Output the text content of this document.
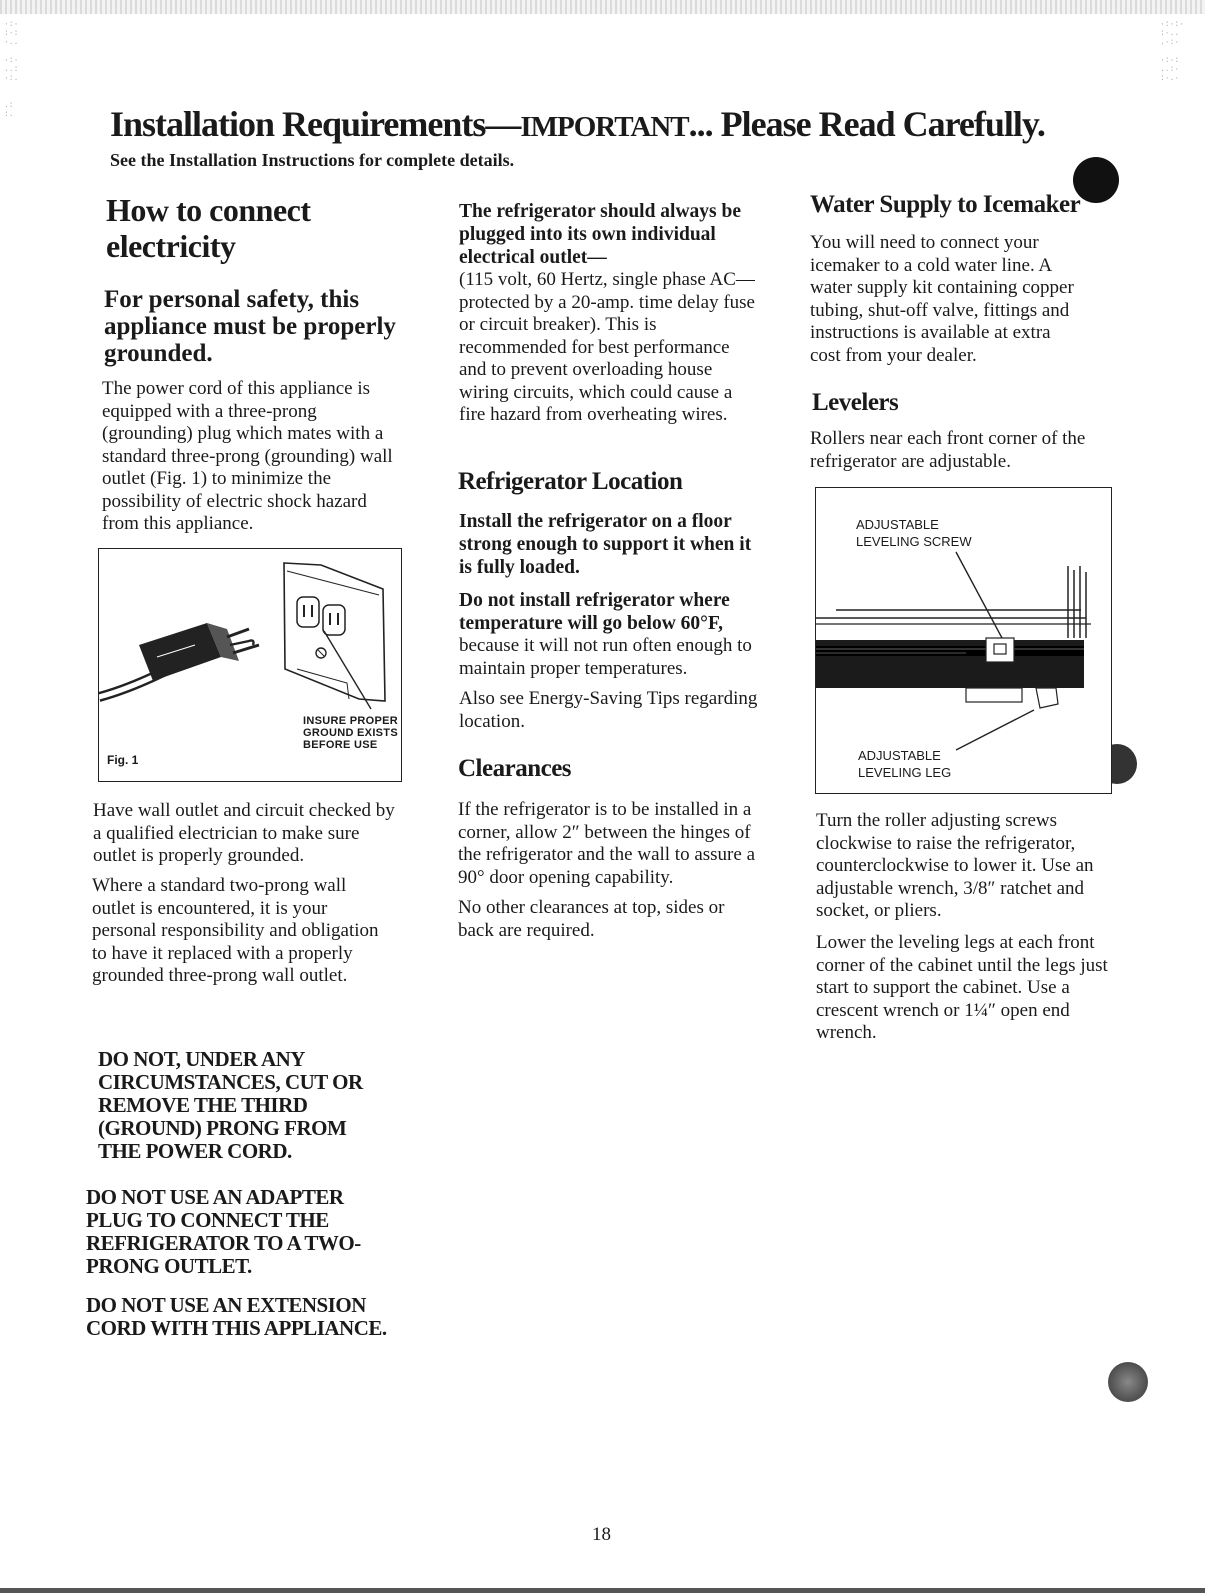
·:·
:·:
·..

·:·
..:
·:.

.:
:.
·:·:·
:·..
.·:·

·:·:
..:·
:·.·
Installation Requirements—IMPORTANT... Please Read Carefully.
See the Installation Instructions for complete details.
How to connect electricity
For personal safety, this appliance must be properly grounded.

The power cord of this appliance is equipped with a three-prong (grounding) plug which mates with a standard three-prong (grounding) wall outlet (Fig. 1) to minimize the possibility of electric shock hazard from this appliance.

INSURE PROPER
GROUND EXISTS
BEFORE USE
Fig. 1

Have wall outlet and circuit checked by a qualified electrician to make sure outlet is properly grounded.

Where a standard two-prong wall outlet is encountered, it is your personal responsibility and obligation to have it replaced with a properly grounded three-prong wall outlet.

DO NOT, UNDER ANY CIRCUMSTANCES, CUT OR REMOVE THE THIRD (GROUND) PRONG FROM THE POWER CORD.

DO NOT USE AN ADAPTER PLUG TO CONNECT THE REFRIGERATOR TO A TWO-PRONG OUTLET.

DO NOT USE AN EXTENSION CORD WITH THIS APPLIANCE.

The refrigerator should always be plugged into its own individual electrical outlet—

(115 volt, 60 Hertz, single phase AC—protected by a 20-amp. time delay fuse or circuit breaker). This is recommended for best performance and to prevent overloading house wiring circuits, which could cause a fire hazard from overheating wires.

Refrigerator Location

Install the refrigerator on a floor strong enough to support it when it is fully loaded.

Do not install refrigerator where temperature will go below 60°F,

because it will not run often enough to maintain proper temperatures.

Also see Energy-Saving Tips regarding location.

Clearances

If the refrigerator is to be installed in a corner, allow 2″ between the hinges of the refrigerator and the wall to assure a 90° door opening capability.

No other clearances at top, sides or back are required.

Water Supply to Icemaker

You will need to connect your icemaker to a cold water line. A water supply kit containing copper tubing, shut-off valve, fittings and instructions is available at extra cost from your dealer.

Levelers

Rollers near each front corner of the refrigerator are adjustable.

ADJUSTABLE
LEVELING SCREW
ADJUSTABLE
LEVELING LEG

Turn the roller adjusting screws clockwise to raise the refrigerator, counterclockwise to lower it. Use an adjustable wrench, 3/8″ ratchet and socket, or pliers.

Lower the leveling legs at each front corner of the cabinet until the legs just start to support the cabinet. Use a crescent wrench or 1¼″ open end wrench.

18
